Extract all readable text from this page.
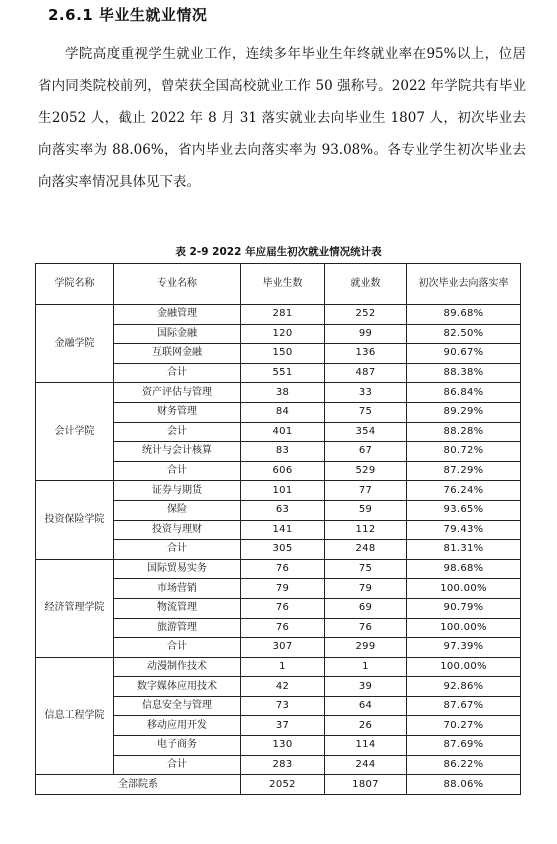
2.6.1 毕业生就业情况

学院高度重视学生就业工作，连续多年毕业生年终就业率在95%以上，位居省内同类院校前列，曾荣获全国高校就业工作 50 强称号。2022 年学院共有毕业生2052 人，截止 2022 年 8 月 31 落实就业去向毕业生 1807 人，初次毕业去向落实率为 88.06%，省内毕业去向落实率为 93.08%。各专业学生初次毕业去向落实率情况具体见下表。

表 2-9 2022 年应届生初次就业情况统计表
学院名称	专业名称	毕业生数	就业数	初次毕业去向落实率
金融学院	金融管理	281	252	89.68%
	国际金融	120	99	82.50%
	互联网金融	150	136	90.67%
	合计	551	487	88.38%
会计学院	资产评估与管理	38	33	86.84%
	财务管理	84	75	89.29%
	会计	401	354	88.28%
	统计与会计核算	83	67	80.72%
	合计	606	529	87.29%
投资保险学院	证券与期货	101	77	76.24%
	保险	63	59	93.65%
	投资与理财	141	112	79.43%
	合计	305	248	81.31%
经济管理学院	国际贸易实务	76	75	98.68%
	市场营销	79	79	100.00%
	物流管理	76	69	90.79%
	旅游管理	76	76	100.00%
	合计	307	299	97.39%
信息工程学院	动漫制作技术	1	1	100.00%
	数字媒体应用技术	42	39	92.86%
	信息安全与管理	73	64	87.67%
	移动应用开发	37	26	70.27%
	电子商务	130	114	87.69%
	合计	283	244	86.22%
全部院系		2052	1807	88.06%
